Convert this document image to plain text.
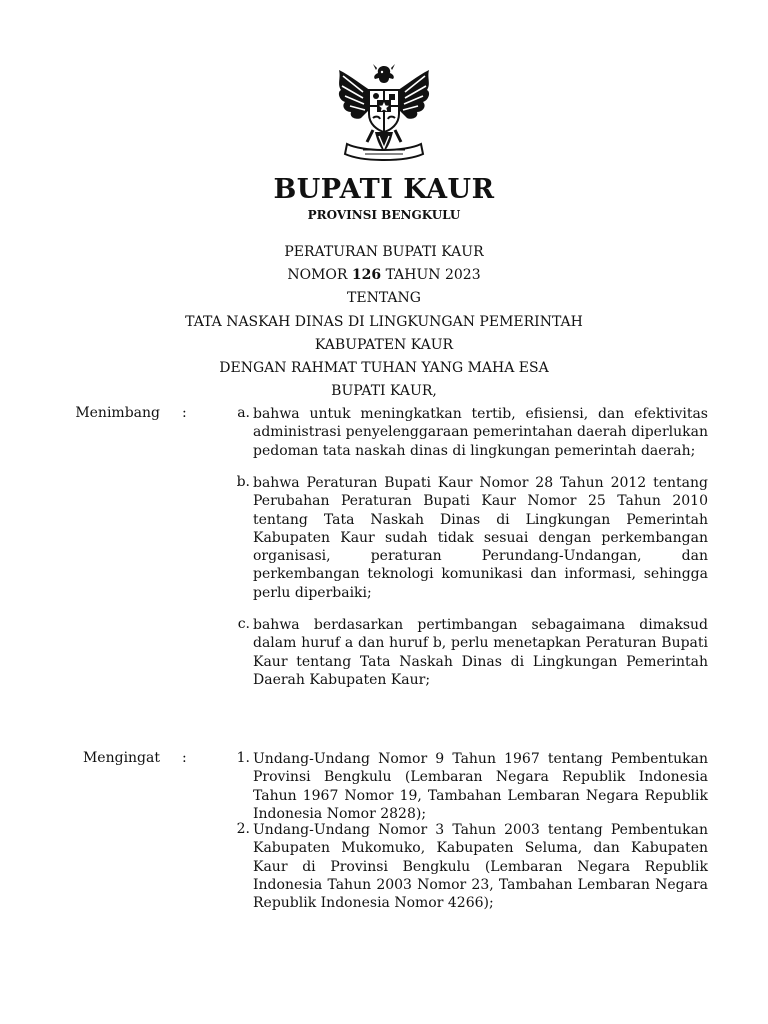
BUPATI KAUR
PROVINSI BENGKULU
PERATURAN BUPATI KAUR
NOMOR 126 TAHUN 2023
TENTANG
TATA NASKAH DINAS DI LINGKUNGAN PEMERINTAH
KABUPATEN KAUR
DENGAN RAHMAT TUHAN YANG MAHA ESA
BUPATI KAUR,
Menimbang :	a. bahwa untuk meningkatkan tertib, efisiensi, dan efektivitas administrasi penyelenggaraan pemerintahan daerah diperlukan pedoman tata naskah dinas di lingkungan pemerintah daerah;
b. bahwa Peraturan Bupati Kaur Nomor 28 Tahun 2012 tentang Perubahan Peraturan Bupati Kaur Nomor 25 Tahun 2010 tentang Tata Naskah Dinas di Lingkungan Pemerintah Kabupaten Kaur sudah tidak sesuai dengan perkembangan organisasi, peraturan Perundang-Undangan, dan perkembangan teknologi komunikasi dan informasi, sehingga perlu diperbaiki;
c. bahwa berdasarkan pertimbangan sebagaimana dimaksud dalam huruf a dan huruf b, perlu menetapkan Peraturan Bupati Kaur tentang Tata Naskah Dinas di Lingkungan Pemerintah Daerah Kabupaten Kaur;
Mengingat :	1. Undang-Undang Nomor 9 Tahun 1967 tentang Pembentukan Provinsi Bengkulu (Lembaran Negara Republik Indonesia Tahun 1967 Nomor 19, Tambahan Lembaran Negara Republik Indonesia Nomor 2828);
2. Undang-Undang Nomor 3 Tahun 2003 tentang Pembentukan Kabupaten Mukomuko, Kabupaten Seluma, dan Kabupaten Kaur di Provinsi Bengkulu (Lembaran Negara Republik Indonesia Tahun 2003 Nomor 23, Tambahan Lembaran Negara Republik Indonesia Nomor 4266);
